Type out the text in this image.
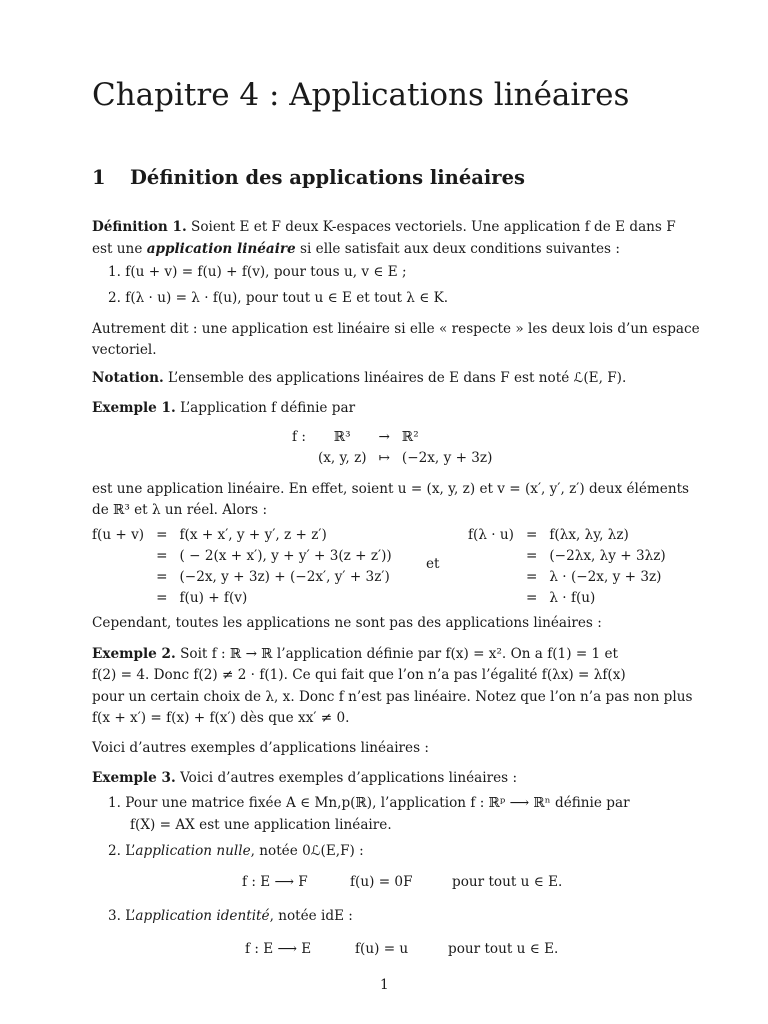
Chapitre 4 : Applications linéaires
1 Définition des applications linéaires
Définition 1. Soient E et F deux K-espaces vectoriels. Une application f de E dans F
est une application linéaire si elle satisfait aux deux conditions suivantes :
1. f(u + v) = f(u) + f(v), pour tous u, v ∈ E ;
2. f(λ · u) = λ · f(u), pour tout u ∈ E et tout λ ∈ K.
Autrement dit : une application est linéaire si elle « respecte » les deux lois d’un espace
vectoriel.
Notation. L’ensemble des applications linéaires de E dans F est noté ℒ(E, F).
Exemple 1. L’application f définie par
f :	ℝ³	→	ℝ²
	(x, y, z)	↦	(−2x, y + 3z)
est une application linéaire. En effet, soient u = (x, y, z) et v = (x′, y′, z′) deux éléments
de ℝ³ et λ un réel. Alors :
f(u + v)	=	f(x + x′, y + y′, z + z′)
	=	( − 2(x + x′), y + y′ + 3(z + z′))
	=	(−2x, y + 3z) + (−2x′, y′ + 3z′)
	=	f(u) + f(v)
et
f(λ · u)	=	f(λx, λy, λz)
	=	(−2λx, λy + 3λz)
	=	λ · (−2x, y + 3z)
	=	λ · f(u)
Cependant, toutes les applications ne sont pas des applications linéaires :
Exemple 2. Soit f : ℝ → ℝ l’application définie par f(x) = x². On a f(1) = 1 et
f(2) = 4. Donc f(2) ≠ 2 · f(1). Ce qui fait que l’on n’a pas l’égalité f(λx) = λf(x)
pour un certain choix de λ, x. Donc f n’est pas linéaire. Notez que l’on n’a pas non plus
f(x + x′) = f(x) + f(x′) dès que xx′ ≠ 0.
Voici d’autres exemples d’applications linéaires :
Exemple 3. Voici d’autres exemples d’applications linéaires :
1. Pour une matrice fixée A ∈ Mn,p(ℝ), l’application f : ℝᵖ ⟶ ℝⁿ définie par
f(X) = AX est une application linéaire.
2. L’application nulle, notée 0ℒ(E,F) :
f : E ⟶ F	f(u) = 0F	pour tout u ∈ E.
3. L’application identité, notée idE :
f : E ⟶ E	f(u) = u	pour tout u ∈ E.
1
